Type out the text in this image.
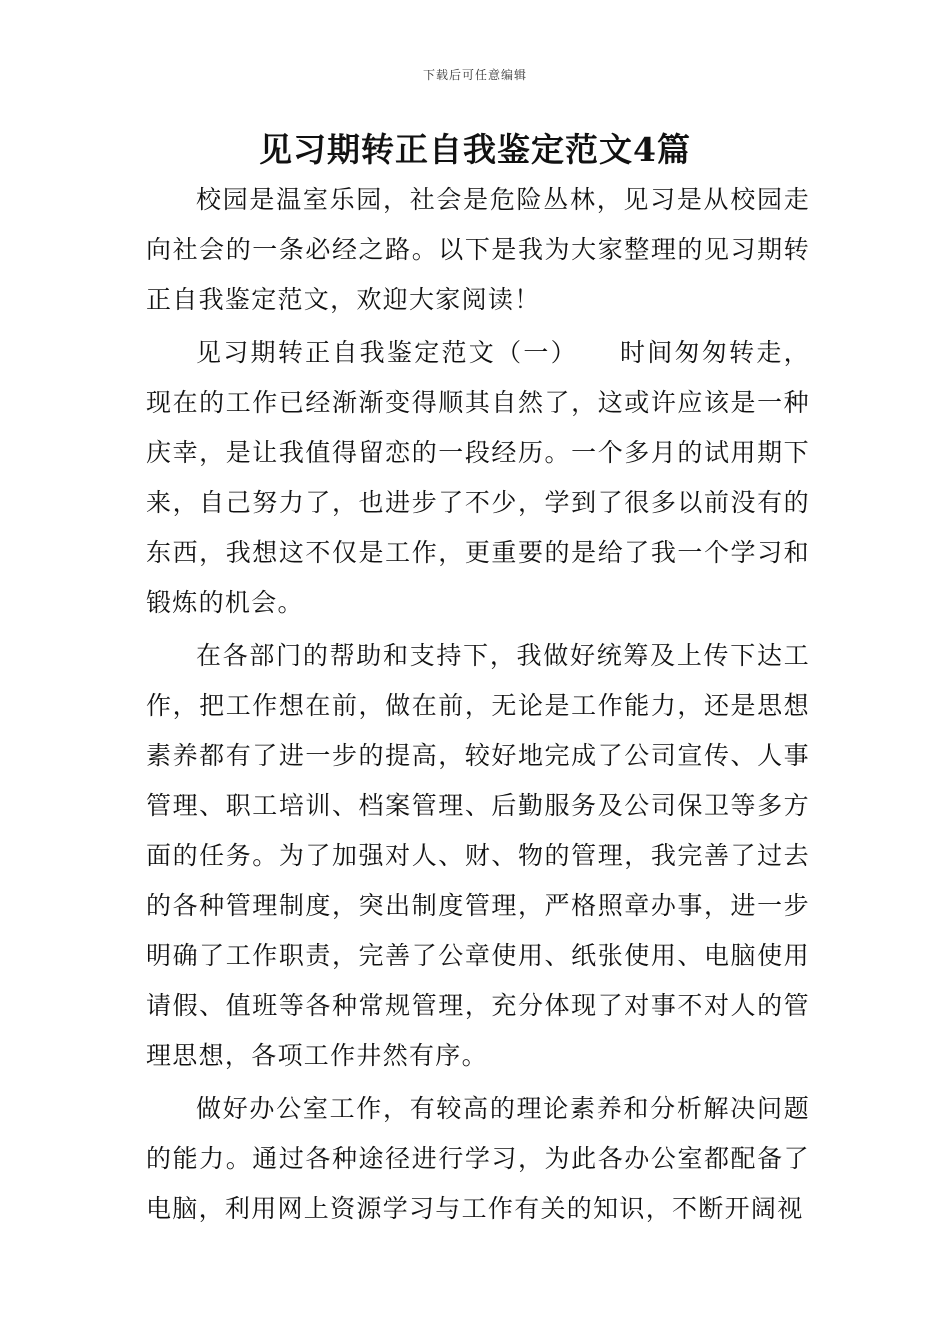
下载后可任意编辑
见习期转正自我鉴定范文4篇

校园是温室乐园，社会是危险丛林，见习是从校园走向社会的一条必经之路。以下是我为大家整理的见习期转正自我鉴定范文，欢迎大家阅读！

见习期转正自我鉴定范文（一）　　 时间匆匆转走，现在的工作已经渐渐变得顺其自然了，这或许应该是一种庆幸，是让我值得留恋的一段经历。一个多月的试用期下来，自己努力了，也进步了不少，学到了很多以前没有的东西，我想这不仅是工作，更重要的是给了我一个学习和锻炼的机会。

在各部门的帮助和支持下，我做好统筹及上传下达工作，把工作想在前，做在前，无论是工作能力，还是思想素养都有了进一步的提高，较好地完成了公司宣传、人事管理、职工培训、档案管理、后勤服务及公司保卫等多方面的任务。为了加强对人、财、物的管理，我完善了过去的各种管理制度，突出制度管理，严格照章办事，进一步明确了工作职责，完善了公章使用、纸张使用、电脑使用请假、值班等各种常规管理，充分体现了对事不对人的管理思想，各项工作井然有序。

做好办公室工作，有较高的理论素养和分析解决问题的能力。通过各种途径进行学习，为此各办公室都配备了电脑，利用网上资源学习与工作有关的知识，不断开阔视
